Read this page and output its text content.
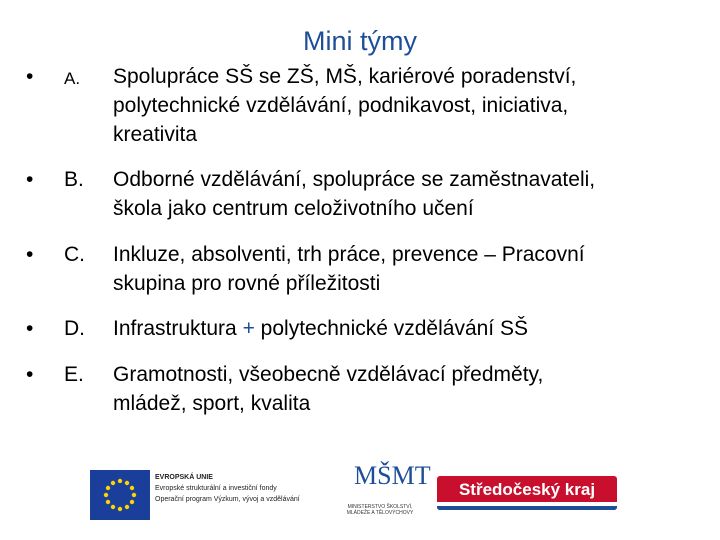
Mini týmy
• A. Spolupráce SŠ se ZŠ, MŠ, kariérové poradenství,
polytechnické vzdělávání, podnikavost, iniciativa,
kreativita
• B. Odborné vzdělávání, spolupráce se zaměstnavateli,
škola jako centrum celoživotního učení
• C. Inkluze, absolventi, trh práce, prevence – Pracovní
skupina pro rovné příležitosti
• D. Infrastruktura + polytechnické vzdělávání SŠ
• E. Gramotnosti, všeobecně vzdělávací předměty,
mládež, sport, kvalita
EVROPSKÁ UNIE
Evropské strukturální a investiční fondy
Operační program Výzkum, vývoj a vzdělávání
MŠMT
MINISTERSTVO ŠKOLSTVÍ,
MLÁDEŽE A TĚLOVÝCHOVY
Středočeský kraj
